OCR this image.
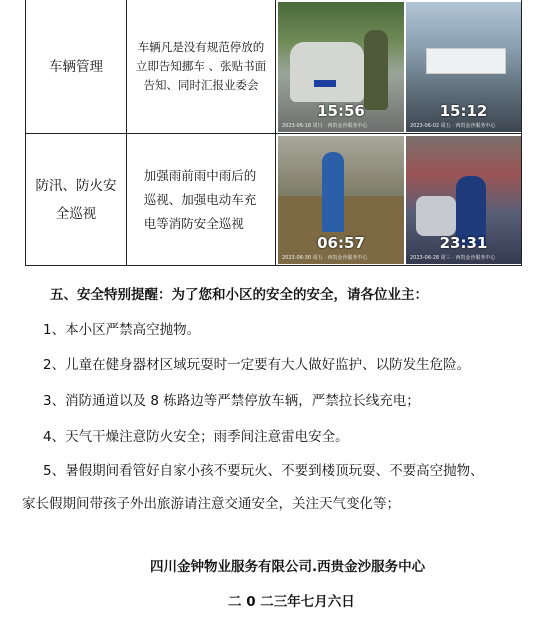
车辆管理
车辆凡是没有规范停放的立即告知挪车 、张贴书面告知、同时汇报业委会
15:56
2023-06-18 周日 · 西贵金沙服务中心
15:12
2023-06-02 周五 · 西贵金沙服务中心
防汛、防火安
全巡视
加强雨前雨中雨后的
巡视、加强电动车充
电等消防安全巡视
06:57
2023-06-30 周五 · 西贵金沙服务中心
23:31
2023-06-28 周三 · 西贵金沙服务中心
五、安全特别提醒：为了您和小区的安全的安全，请各位业主：
1、本小区严禁高空抛物。
2、儿童在健身器材区域玩耍时一定要有大人做好监护、以防发生危险。
3、消防通道以及 8 栋路边等严禁停放车辆，严禁拉长线充电；
4、天气干燥注意防火安全；雨季间注意雷电安全。
5、暑假期间看管好自家小孩不要玩火、不要到楼顶玩耍、不要高空抛物、
家长假期间带孩子外出旅游请注意交通安全，关注天气变化等；
四川金钟物业服务有限公司.西贵金沙服务中心
二 0 二三年七月六日
